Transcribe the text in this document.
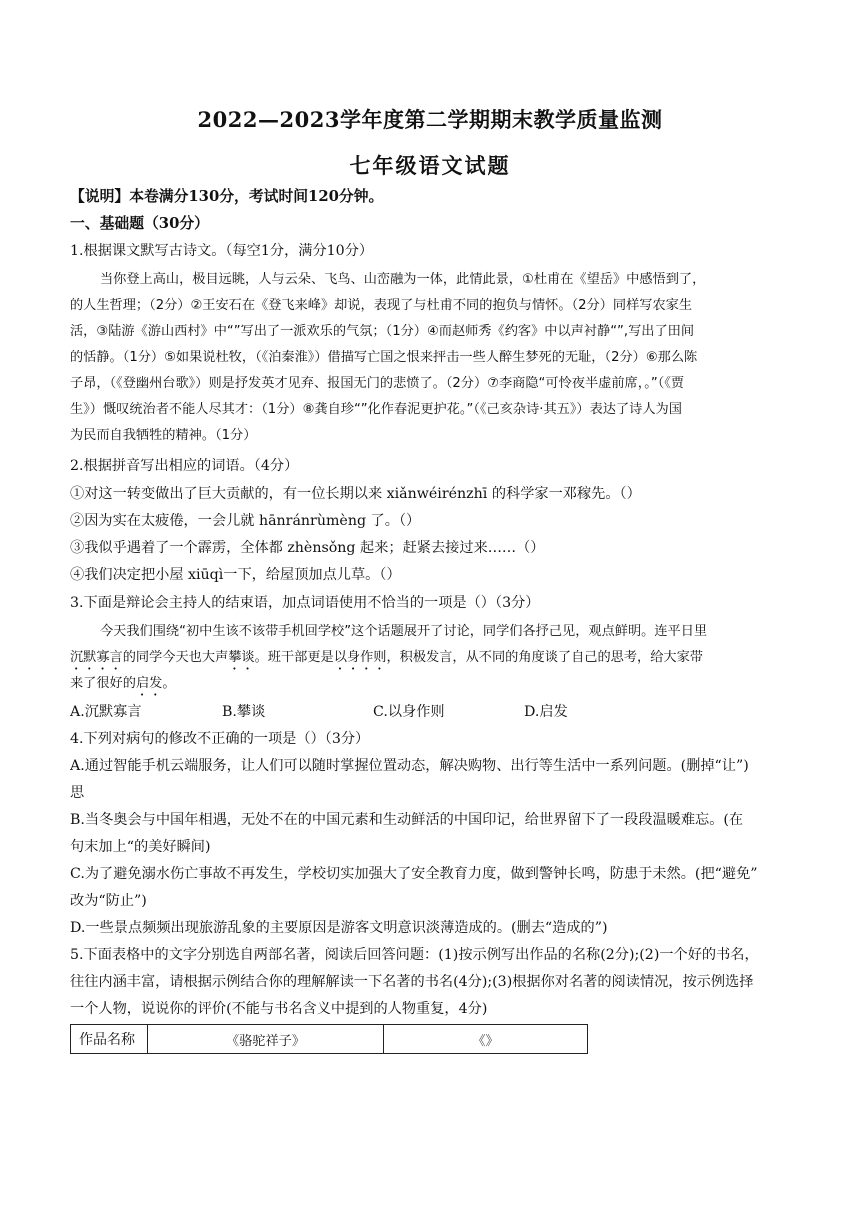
2022—2023学年度第二学期期末教学质量监测
七年级语文试题
【说明】本卷满分130分，考试时间120分钟。
一、基础题（30分）
1.根据课文默写古诗文。（每空1分，满分10分）
当你登上高山，极目远眺，人与云朵、飞鸟、山峦融为一体，此情此景，①杜甫在《望岳》中感悟到了，
的人生哲理；（2分）②王安石在《登飞来峰》却说，表现了与杜甫不同的抱负与情怀。（2分）同样写农家生
活，③陆游《游山西村》中“”写出了一派欢乐的气氛；（1分）④而赵师秀《约客》中以声衬静“”,写出了田间
的恬静。（1分）⑤如果说杜牧，（《泊秦淮》）借描写亡国之恨来抨击一些人醉生梦死的无耻，（2分）⑥那么陈
子昂，（《登幽州台歌》）则是抒发英才见弃、报国无门的悲愤了。（2分）⑦李商隐“可怜夜半虚前席，。”（《贾
生》）慨叹统治者不能人尽其才：（1分）⑧龚自珍“”化作春泥更护花。”（《己亥杂诗·其五》）表达了诗人为国
为民而自我牺牲的精神。（1分）
2.根据拼音写出相应的词语。（4分）
①对这一转变做出了巨大贡献的，有一位长期以来 xiǎnwéirénzhī 的科学家一邓稼先。（）
②因为实在太疲倦，一会儿就 hānránrùmèng 了。（）
③我似乎遇着了一个霹雳，全体都 zhènsǒng 起来；赶紧去接过来……（）
④我们决定把小屋 xiūqì一下，给屋顶加点儿草。（）
3.下面是辩论会主持人的结束语，加点词语使用不恰当的一项是（）（3分）
今天我们围绕“初中生该不该带手机回学校”这个话题展开了讨论，同学们各抒己见，观点鲜明。连平日里
沉默寡言的同学今天也大声攀谈。班干部更是以身作则，积极发言，从不同的角度谈了自己的思考，给大家带
来了很好的启发。
A.沉默寡言	B.攀谈	C.以身作则	D.启发
4.下列对病句的修改不正确的一项是（）（3分）
A.通过智能手机云端服务，让人们可以随时掌握位置动态，解决购物、出行等生活中一系列问题。(删掉“让”)
思
B.当冬奥会与中国年相遇，无处不在的中国元素和生动鲜活的中国印记，给世界留下了一段段温暖难忘。(在
句末加上“的美好瞬间)
C.为了避免溺水伤亡事故不再发生，学校切实加强大了安全教育力度，做到警钟长鸣，防患于未然。(把“避免”
改为“防止”)
D.一些景点频频出现旅游乱象的主要原因是游客文明意识淡薄造成的。(删去“造成的”)
5.下面表格中的文字分别选自两部名著，阅读后回答问题：(1)按示例写出作品的名称(2分);(2)一个好的书名，
往往内涵丰富，请根据示例结合你的理解解读一下名著的书名(4分);(3)根据你对名著的阅读情况，按示例选择
一个人物，说说你的评价(不能与书名含义中提到的人物重复，4分)
作品名称	《骆驼祥子》	《》
